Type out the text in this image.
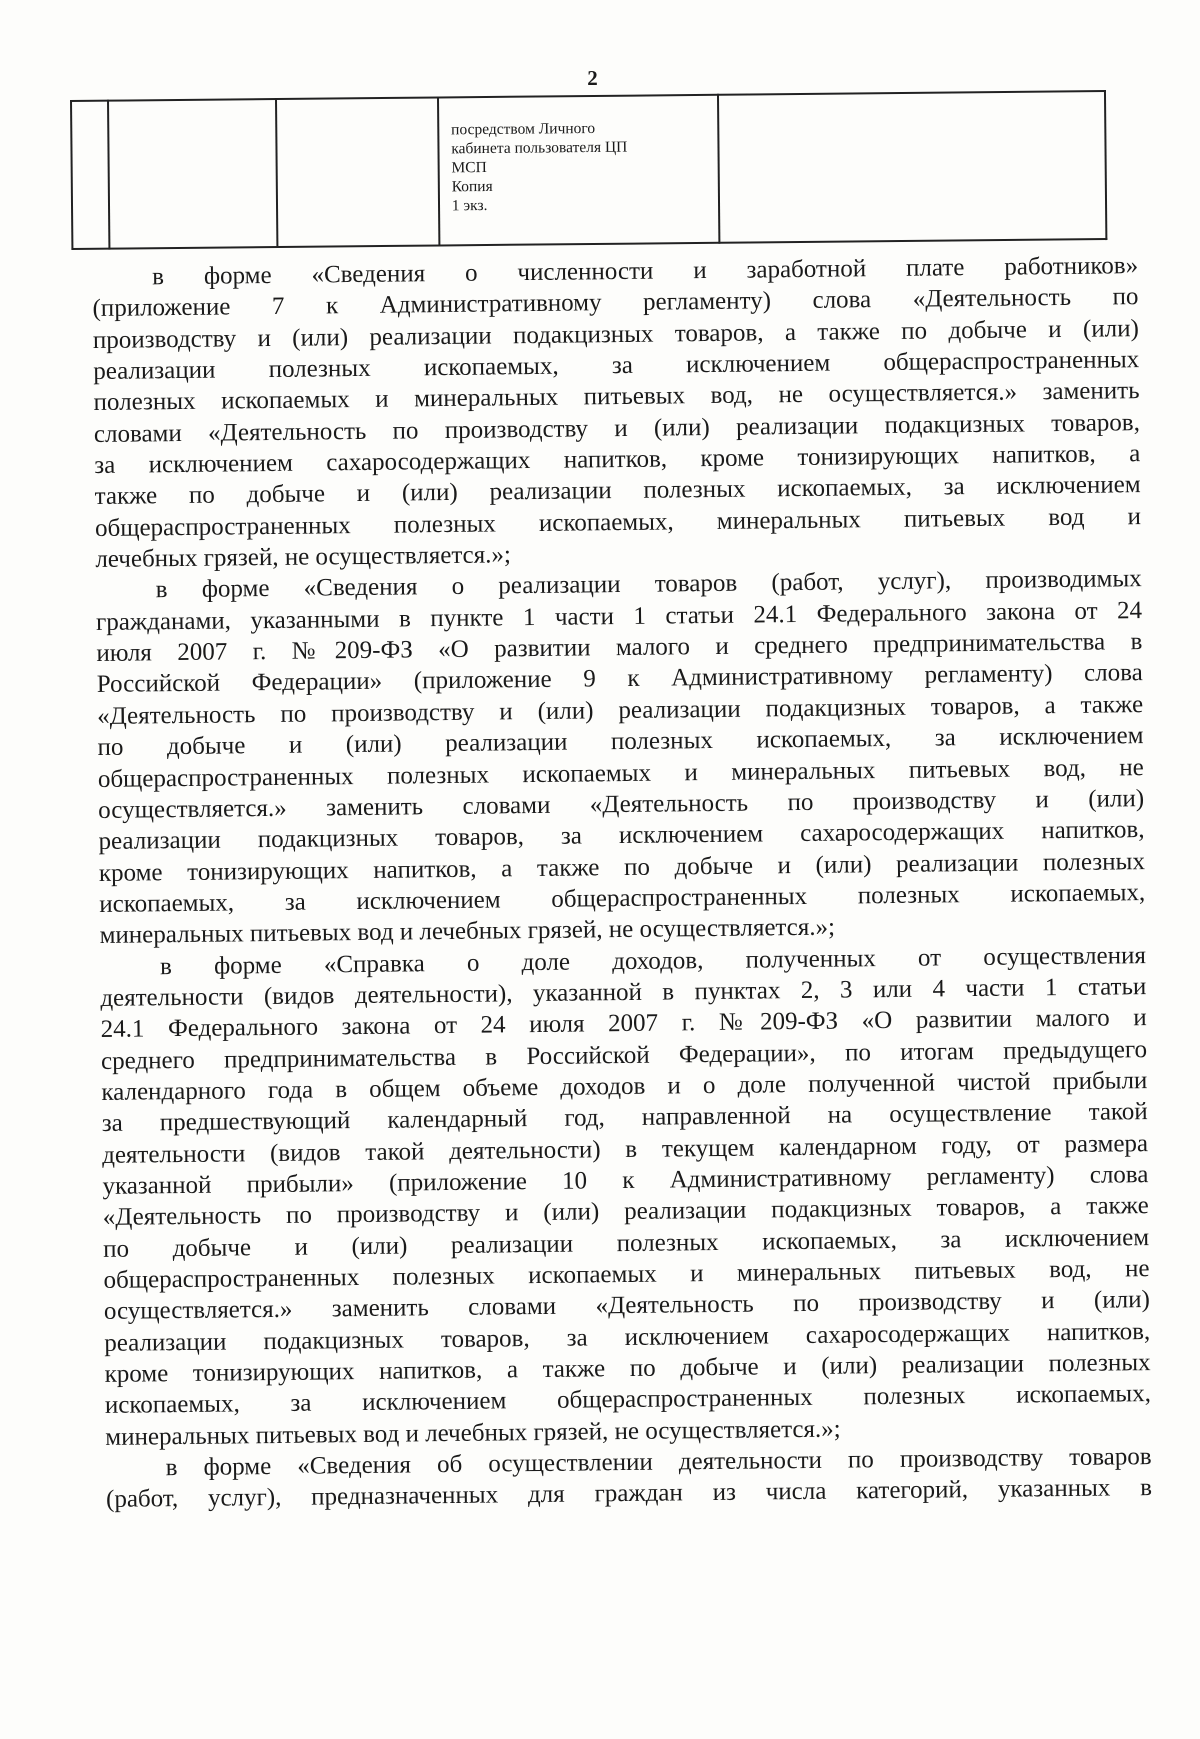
2

посредством Личного
кабинета пользователя ЦП
МСП
Копия
1 экз.

в форме «Сведения о численности и заработной плате работников»
(приложение 7 к Административному регламенту) слова «Деятельность по
производству и (или) реализации подакцизных товаров, а также по добыче и (или)
реализации полезных ископаемых, за исключением общераспространенных
полезных ископаемых и минеральных питьевых вод, не осуществляется.» заменить
словами «Деятельность по производству и (или) реализации подакцизных товаров,
за исключением сахаросодержащих напитков, кроме тонизирующих напитков, а
также по добыче и (или) реализации полезных ископаемых, за исключением
общераспространенных полезных ископаемых, минеральных питьевых вод и
лечебных грязей, не осуществляется.»;
в форме «Сведения о реализации товаров (работ, услуг), производимых
гражданами, указанными в пункте 1 части 1 статьи 24.1 Федерального закона от 24
июля 2007 г. №209-ФЗ «О развитии малого и среднего предпринимательства в
Российской Федерации» (приложение 9 к Административному регламенту) слова
«Деятельность по производству и (или) реализации подакцизных товаров, а также
по добыче и (или) реализации полезных ископаемых, за исключением
общераспространенных полезных ископаемых и минеральных питьевых вод, не
осуществляется.» заменить словами «Деятельность по производству и (или)
реализации подакцизных товаров, за исключением сахаросодержащих напитков,
кроме тонизирующих напитков, а также по добыче и (или) реализации полезных
ископаемых, за исключением общераспространенных полезных ископаемых,
минеральных питьевых вод и лечебных грязей, не осуществляется.»;
в форме «Справка о доле доходов, полученных от осуществления
деятельности (видов деятельности), указанной в пунктах 2, 3 или 4 части 1 статьи
24.1 Федерального закона от 24 июля 2007 г. №209-ФЗ «О развитии малого и
среднего предпринимательства в Российской Федерации», по итогам предыдущего
календарного года в общем объеме доходов и о доле полученной чистой прибыли
за предшествующий календарный год, направленной на осуществление такой
деятельности (видов такой деятельности) в текущем календарном году, от размера
указанной прибыли» (приложение 10 к Административному регламенту) слова
«Деятельность по производству и (или) реализации подакцизных товаров, а также
по добыче и (или) реализации полезных ископаемых, за исключением
общераспространенных полезных ископаемых и минеральных питьевых вод, не
осуществляется.» заменить словами «Деятельность по производству и (или)
реализации подакцизных товаров, за исключением сахаросодержащих напитков,
кроме тонизирующих напитков, а также по добыче и (или) реализации полезных
ископаемых, за исключением общераспространенных полезных ископаемых,
минеральных питьевых вод и лечебных грязей, не осуществляется.»;
в форме «Сведения об осуществлении деятельности по производству товаров
(работ, услуг), предназначенных для граждан из числа категорий, указанных в
